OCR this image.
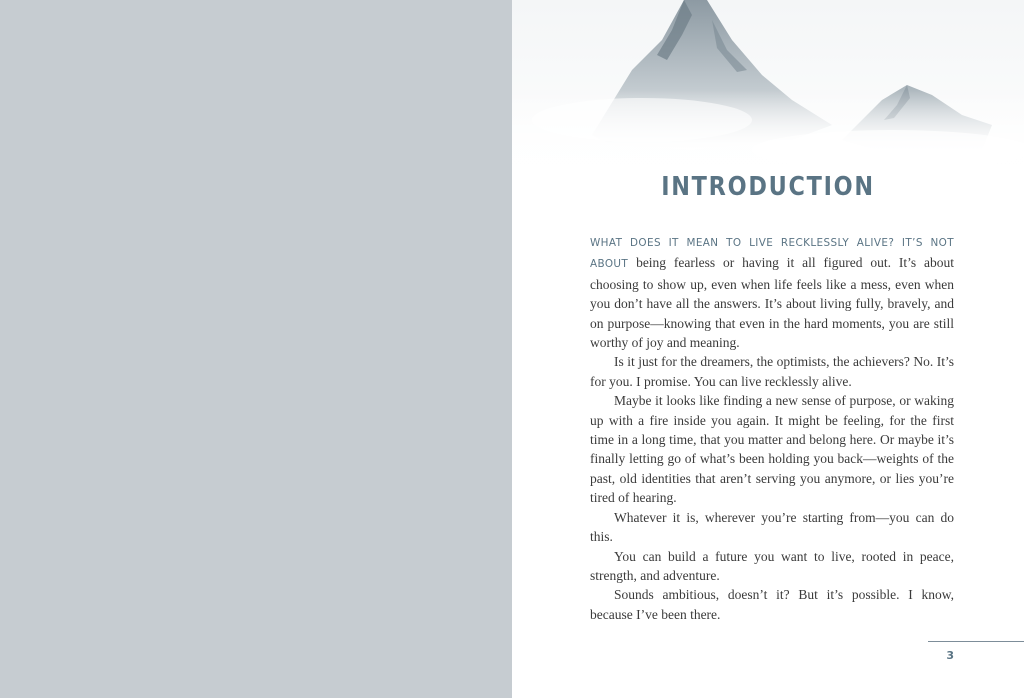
INTRODUCTION

WHAT DOES IT MEAN TO LIVE RECKLESSLY ALIVE? IT’S NOT ABOUT being fearless or having it all figured out. It’s about choosing to show up, even when life feels like a mess, even when you don’t have all the answers. It’s about living fully, bravely, and on purpose—knowing that even in the hard moments, you are still worthy of joy and meaning.

Is it just for the dreamers, the optimists, the achievers? No. It’s for you. I promise. You can live recklessly alive.

Maybe it looks like finding a new sense of purpose, or waking up with a fire inside you again. It might be feeling, for the first time in a long time, that you matter and belong here. Or maybe it’s finally letting go of what’s been holding you back—weights of the past, old identities that aren’t serving you anymore, or lies you’re tired of hearing.

Whatever it is, wherever you’re starting from—you can do this.

You can build a future you want to live, rooted in peace, strength, and adventure.

Sounds ambitious, doesn’t it? But it’s possible. I know, because I’ve been there.

3
